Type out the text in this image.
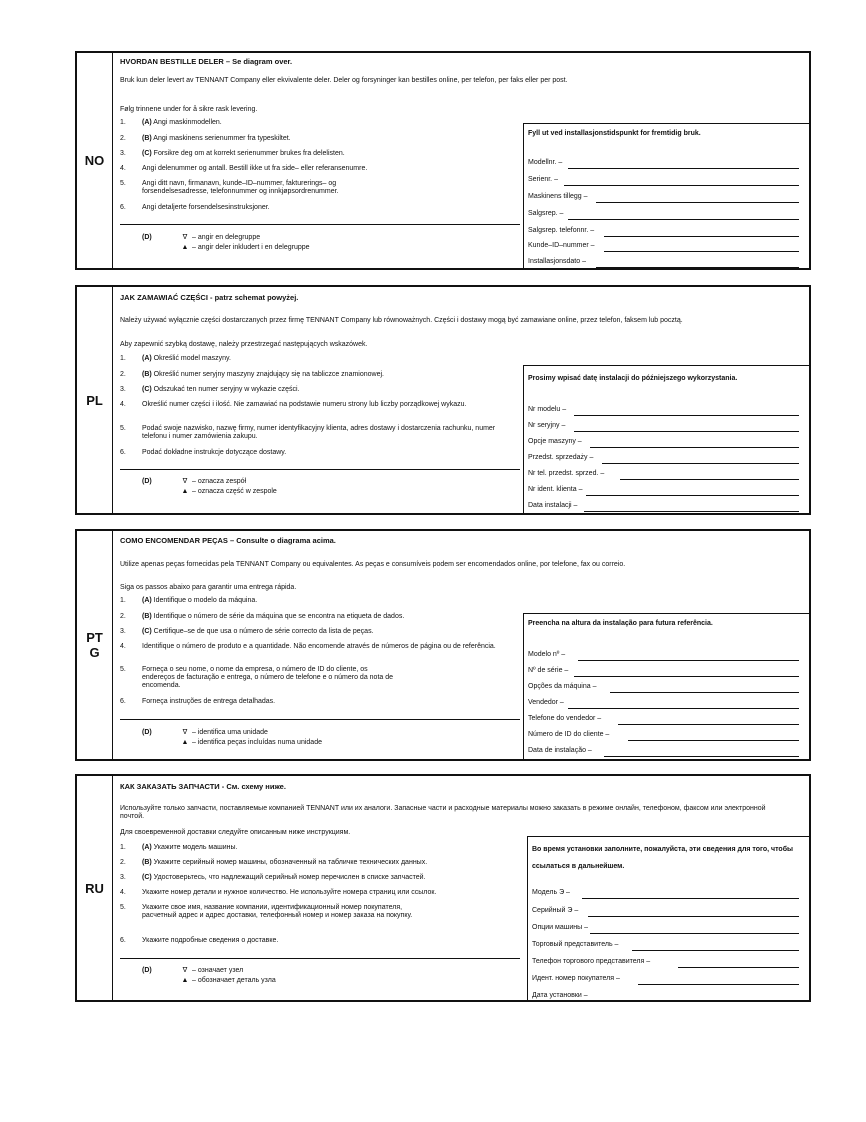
NO
HVORDAN BESTILLE DELER – Se diagram over.
Bruk kun deler levert av TENNANT Company eller ekvivalente deler. Deler og forsyninger kan bestilles online, per telefon, per faks eller per post.
Følg trinnene under for å sikre rask levering.
1.	(A) Angi maskinmodellen.
2.	(B) Angi maskinens serienummer fra typeskiltet.
3.	(C) Forsikre deg om at korrekt serienummer brukes fra delelisten.
4.	Angi delenummer og antall. Bestill ikke ut fra side– eller referansenumre.
5.	Angi ditt navn, firmanavn, kunde–ID–nummer, fakturerings– og forsendelsesadresse, telefonnummer og innkjøpsordrenummer.
6.	Angi detaljerte forsendelsesinstruksjoner.
(D)	∇ – angir en delegruppe
▲ – angir deler inkludert i en delegruppe
Fyll ut ved installasjonstidspunkt for fremtidig bruk.
Modellnr. –
Serienr. –
Maskinens tillegg –
Salgsrep. –
Salgsrep. telefonnr. –
Kunde–ID–nummer –
Installasjonsdato –
PL
JAK ZAMAWIAĆ CZĘŚCI - patrz schemat powyżej.
Należy używać wyłącznie części dostarczanych przez firmę TENNANT Company lub równoważnych. Części i dostawy mogą być zamawiane online, przez telefon, faksem lub pocztą.
Aby zapewnić szybką dostawę, należy przestrzegać następujących wskazówek.
1.	(A) Określić model maszyny.
2.	(B) Określić numer seryjny maszyny znajdujący się na tabliczce znamionowej.
3.	(C) Odszukać ten numer seryjny w wykazie części.
4.	Określić numer części i ilość. Nie zamawiać na podstawie numeru strony lub liczby porządkowej wykazu.
5.	Podać swoje nazwisko, nazwę firmy, numer identyfikacyjny klienta, adres dostawy i dostarczenia rachunku, numer telefonu i numer zamówienia zakupu.
6.	Podać dokładne instrukcje dotyczące dostawy.
(D)	∇ – oznacza zespół
▲ – oznacza część w zespole
Prosimy wpisać datę instalacji do późniejszego wykorzystania.
Nr modelu –
Nr seryjny –
Opcje maszyny –
Przedst. sprzedaży –
Nr tel. przedst. sprzed. –
Nr ident. klienta –
Data instalacji –
PT
G
COMO ENCOMENDAR PEÇAS – Consulte o diagrama acima.
Utilize apenas peças fornecidas pela TENNANT Company ou equivalentes. As peças e consumíveis podem ser encomendados online, por telefone, fax ou correio.
Siga os passos abaixo para garantir uma entrega rápida.
1.	(A) Identifique o modelo da máquina.
2.	(B) Identifique o número de série da máquina que se encontra na etiqueta de dados.
3.	(C) Certifique–se de que usa o número de série correcto da lista de peças.
4.	Identifique o número de produto e a quantidade. Não encomende através de números de página ou de referência.
5.	Forneça o seu nome, o nome da empresa, o número de ID do cliente, os endereços de facturação e entrega, o número de telefone e o número da nota de encomenda.
6.	Forneça instruções de entrega detalhadas.
(D)	∇ – identifica uma unidade
▲ – identifica peças incluídas numa unidade
Preencha na altura da instalação para futura referência.
Modelo nº –
Nº de série –
Opções da máquina –
Vendedor –
Telefone do vendedor –
Número de ID do cliente –
Data de instalação –
RU
КАК ЗАКАЗАТЬ ЗАПЧАСТИ - См. схему ниже.
Используйте только запчасти, поставляемые компанией TENNANT или их аналоги. Запасные части и расходные материалы можно заказать в режиме онлайн, телефоном, факсом или электронной почтой.
Для своевременной доставки следуйте описанным ниже инструкциям.
1.	(A) Укажите модель машины.
2.	(B) Укажите серийный номер машины, обозначенный на табличке технических данных.
3.	(C) Удостоверьтесь, что надлежащий серийный номер перечислен в списке запчастей.
4.	Укажите номер детали и нужное количество. Не используйте номера страниц или ссылок.
5.	Укажите свое имя, название компании, идентификационный номер покупателя, расчетный адрес и адрес доставки, телефонный номер и номер заказа на покупку.
6.	Укажите подробные сведения о доставке.
(D)	∇ – означает узел
▲ – обозначает деталь узла
Во время установки заполните, пожалуйста, эти сведения для того, чтобы ссылаться в дальнейшем.
Модель Э –
Серийный Э –
Опции машины –
Торговый представитель –
Телефон торгового представителя –
Идент. номер покупателя –
Дата установки –
